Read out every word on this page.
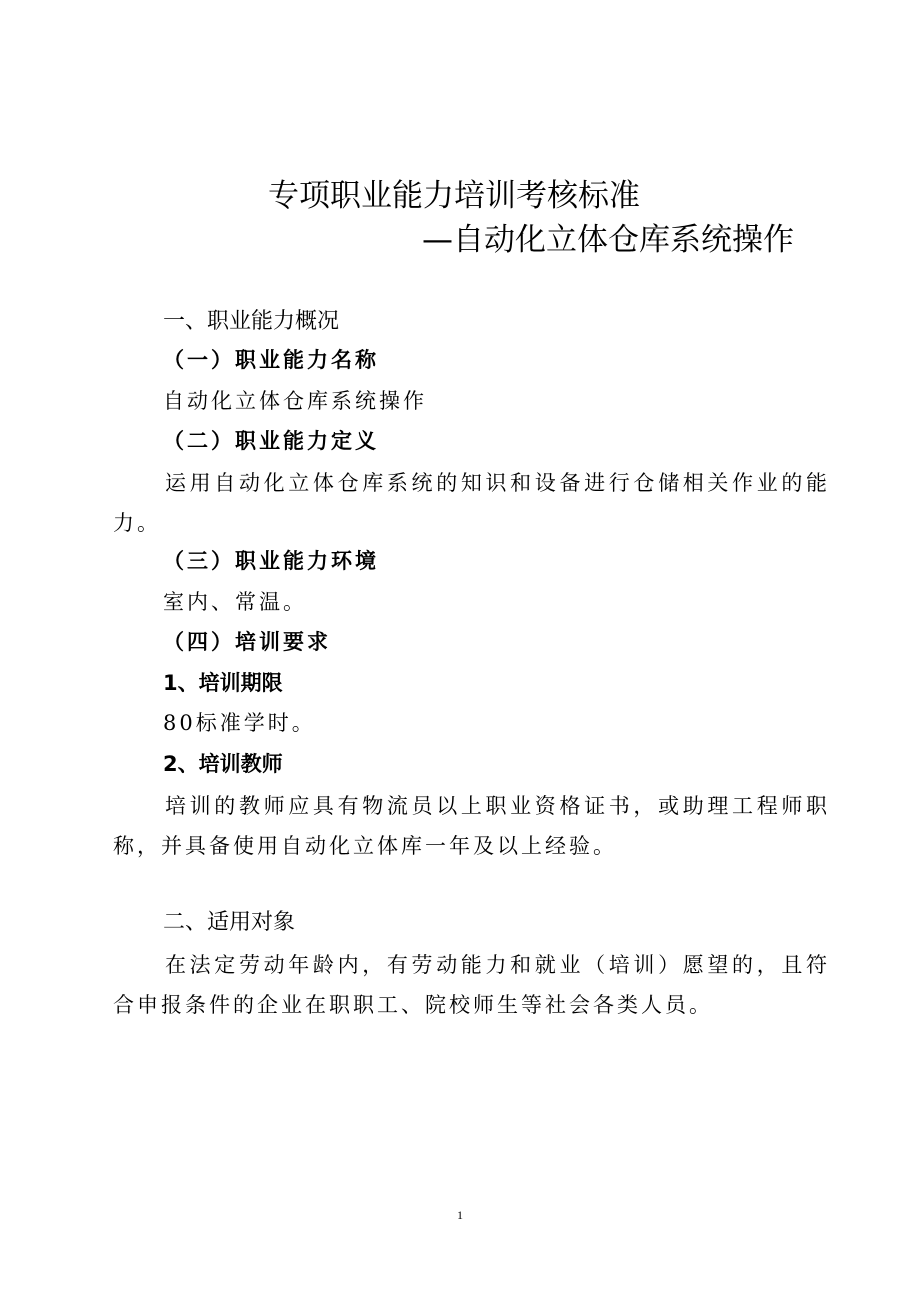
专项职业能力培训考核标准
—自动化立体仓库系统操作
一、职业能力概况
（一）职业能力名称
自动化立体仓库系统操作
（二）职业能力定义
运用自动化立体仓库系统的知识和设备进行仓储相关作业的能力。
（三）职业能力环境
室内、常温。
（四）培训要求
1、培训期限
80标准学时。
2、培训教师
培训的教师应具有物流员以上职业资格证书，或助理工程师职称，并具备使用自动化立体库一年及以上经验。
二、适用对象
在法定劳动年龄内，有劳动能力和就业（培训）愿望的，且符合申报条件的企业在职职工、院校师生等社会各类人员。
1
